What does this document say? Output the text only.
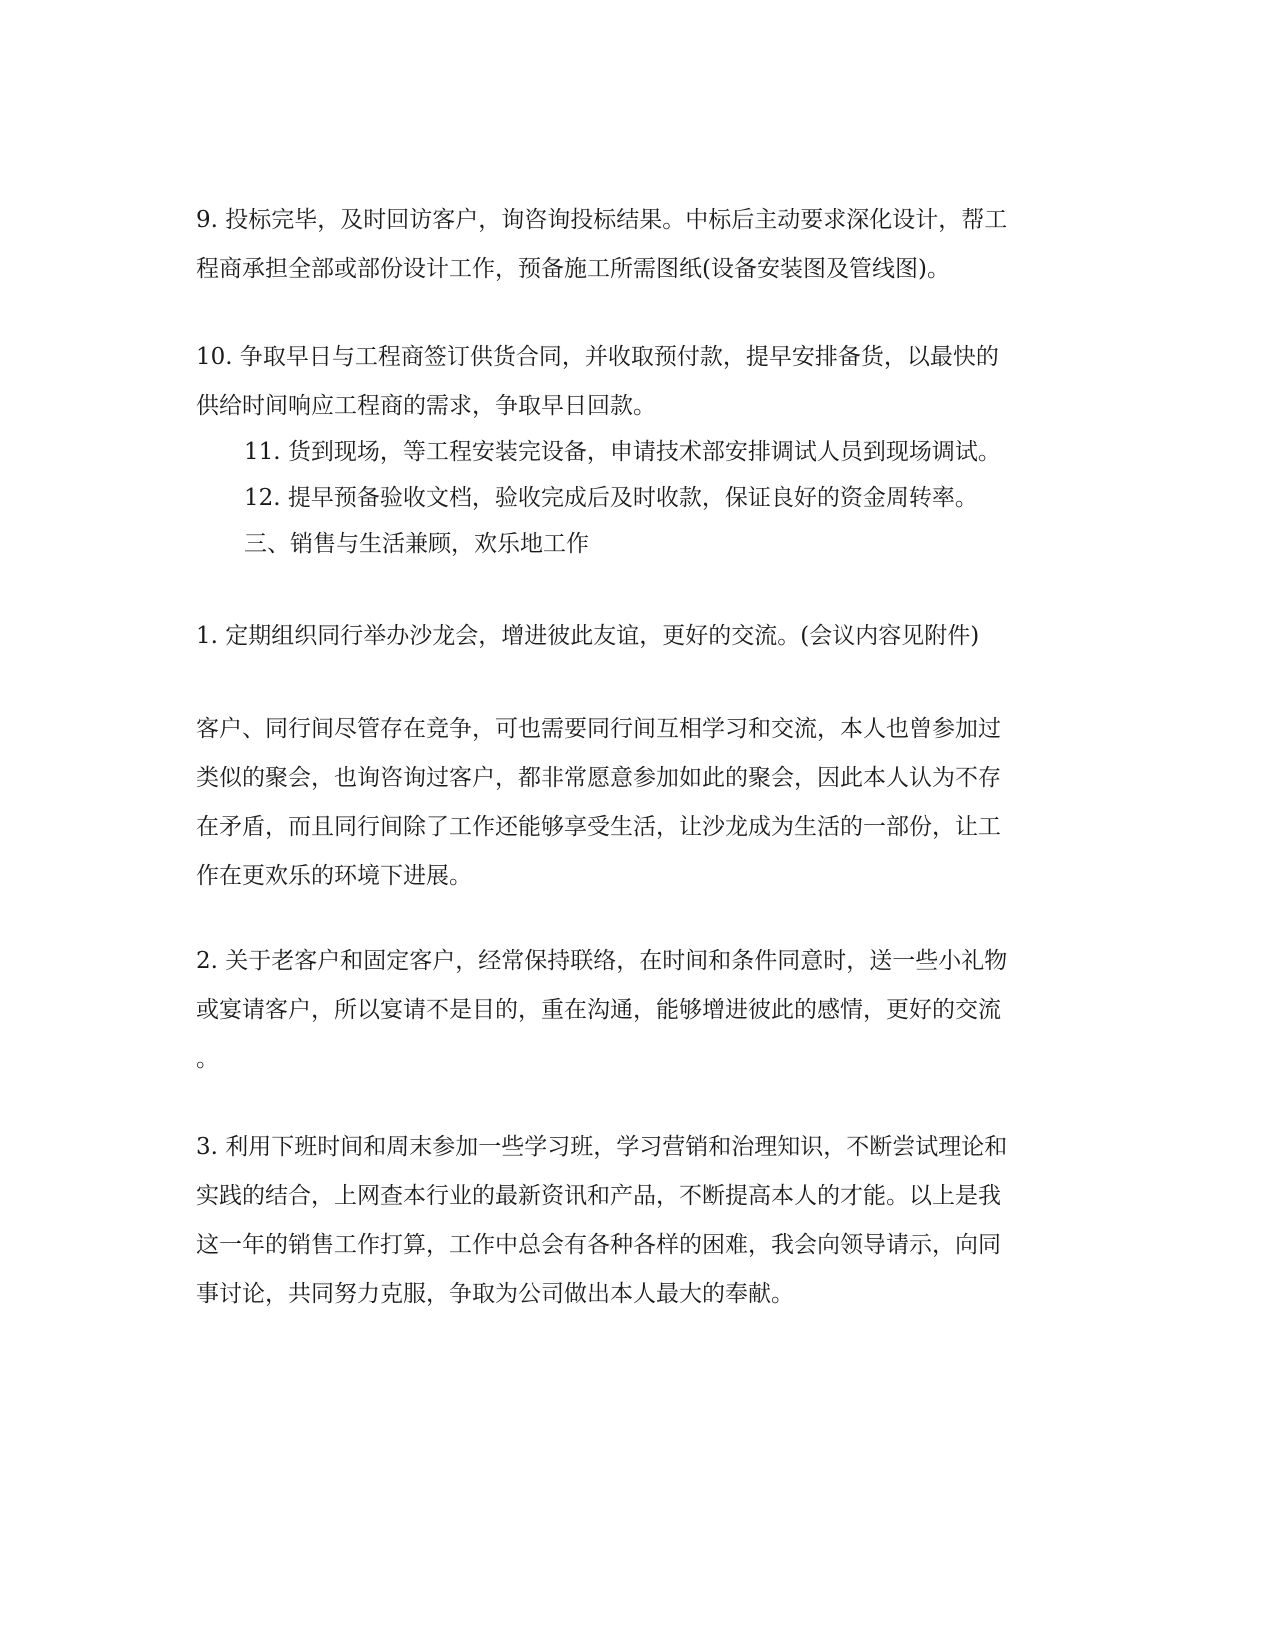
9. 投标完毕，及时回访客户，询咨询投标结果。中标后主动要求深化设计，帮工
程商承担全部或部份设计工作，预备施工所需图纸(设备安装图及管线图)。

10. 争取早日与工程商签订供货合同，并收取预付款，提早安排备货，以最快的
供给时间响应工程商的需求，争取早日回款。

11. 货到现场，等工程安装完设备，申请技术部安排调试人员到现场调试。

12. 提早预备验收文档，验收完成后及时收款，保证良好的资金周转率。

三、销售与生活兼顾，欢乐地工作

1. 定期组织同行举办沙龙会，增进彼此友谊，更好的交流。(会议内容见附件)

客户、同行间尽管存在竞争，可也需要同行间互相学习和交流，本人也曾参加过
类似的聚会，也询咨询过客户，都非常愿意参加如此的聚会，因此本人认为不存
在矛盾，而且同行间除了工作还能够享受生活，让沙龙成为生活的一部份，让工
作在更欢乐的环境下进展。

2. 关于老客户和固定客户，经常保持联络，在时间和条件同意时，送一些小礼物
或宴请客户，所以宴请不是目的，重在沟通，能够增进彼此的感情，更好的交流
。

3. 利用下班时间和周末参加一些学习班，学习营销和治理知识，不断尝试理论和
实践的结合，上网查本行业的最新资讯和产品，不断提高本人的才能。以上是我
这一年的销售工作打算，工作中总会有各种各样的困难，我会向领导请示，向同
事讨论，共同努力克服，争取为公司做出本人最大的奉献。
